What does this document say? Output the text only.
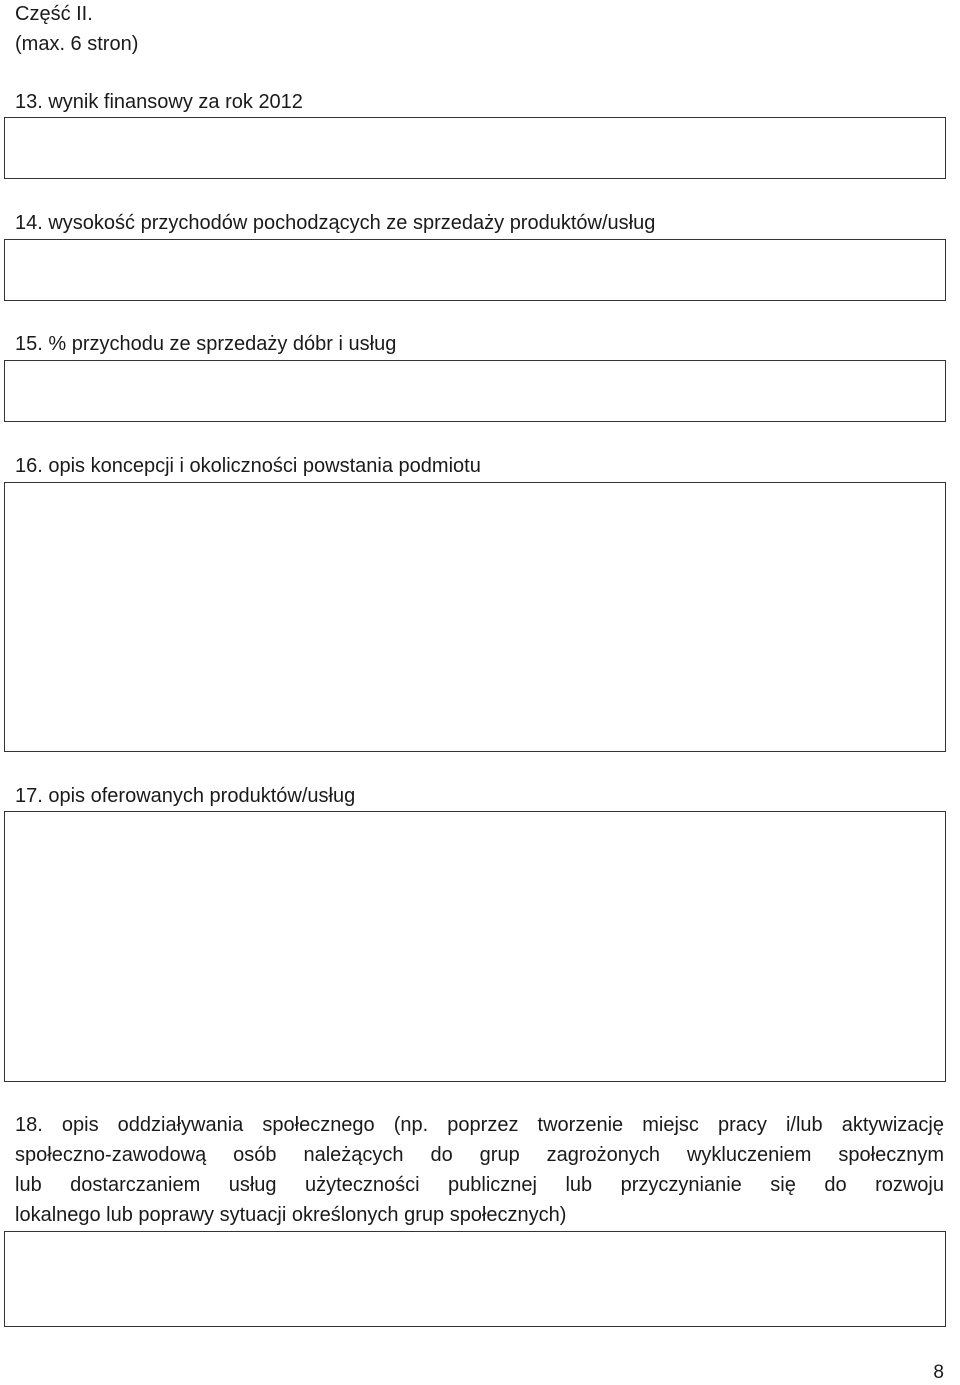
Część II.
(max. 6 stron)
13. wynik finansowy za rok 2012
14. wysokość przychodów pochodzących ze sprzedaży produktów/usług
15. % przychodu ze sprzedaży dóbr i usług
16. opis koncepcji i okoliczności powstania podmiotu
17. opis oferowanych produktów/usług
18. opis oddziaływania społecznego (np. poprzez tworzenie miejsc pracy i/lub aktywizację
społeczno-zawodową osób należących do grup zagrożonych wykluczeniem społecznym
lub dostarczaniem usług użyteczności publicznej lub przyczynianie się do rozwoju
lokalnego lub poprawy sytuacji określonych grup społecznych)
8
